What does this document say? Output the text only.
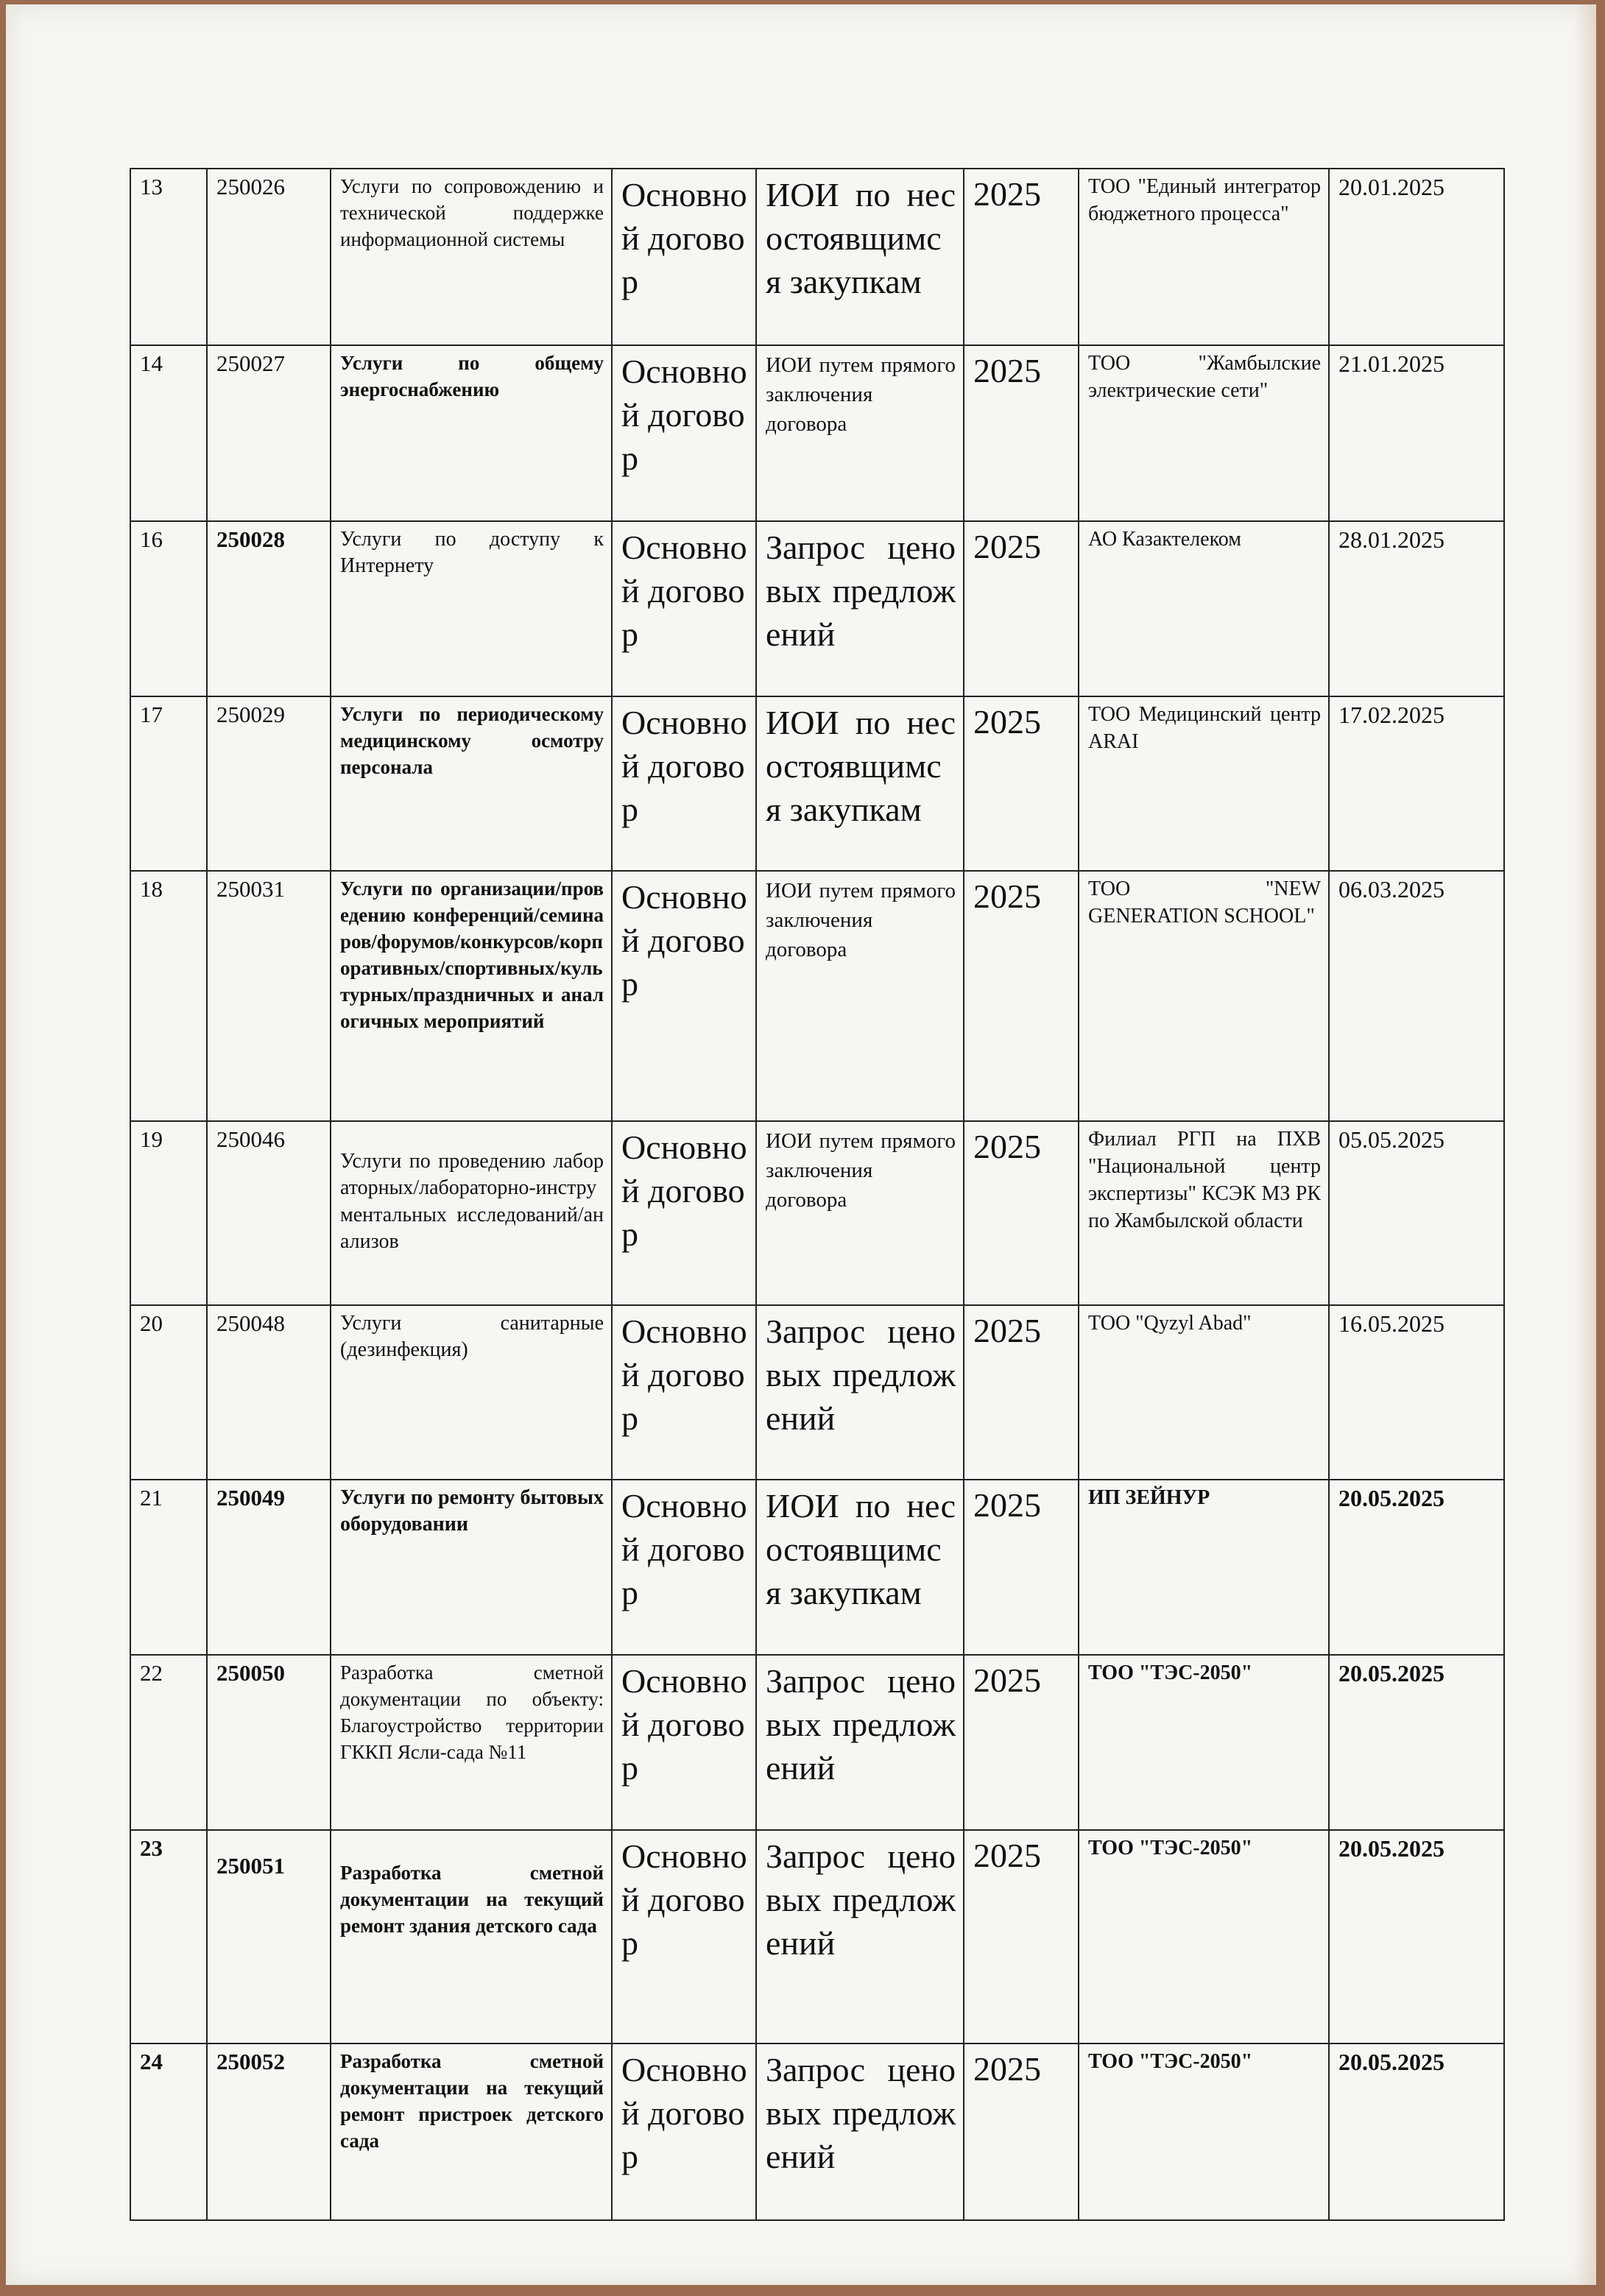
13	250026	Услуги по сопровождению и технической поддержке информационной системы	Основной договор	ИОИ по несостоявщимся закупкам	2025	ТОО "Единый интегратор бюджетного процесса"	20.01.2025
14	250027	Услуги по общему энергоснабжению	Основной договор	ИОИ путем прямого заключения договора	2025	ТОО "Жамбылские электрические сети"	21.01.2025
16	250028	Услуги по доступу к Интернету	Основной договор	Запрос ценовых предложений	2025	АО Казактелеком	28.01.2025
17	250029	Услуги по периодическому медицинскому осмотру персонала	Основной договор	ИОИ по несостоявщимся закупкам	2025	ТОО Медицинский центр ARAI	17.02.2025
18	250031	Услуги по организации/проведению конференций/семинаров/форумов/конкурсов/корпоративных/спортивных/культурных/праздничных и аналогичных мероприятий	Основной договор	ИОИ путем прямого заключения договора	2025	ТОО "NEW GENERATION SCHOOL"	06.03.2025
19	250046	Услуги по проведению лабораторных/лабораторно-инструментальных исследований/анализов	Основной договор	ИОИ путем прямого заключения договора	2025	Филиал РГП на ПХВ "Национальной центр экспертизы" КСЭК МЗ РК по Жамбылской области	05.05.2025
20	250048	Услуги санитарные (дезинфекция)	Основной договор	Запрос ценовых предложений	2025	ТОО "Qyzyl Abad"	16.05.2025
21	250049	Услуги по ремонту бытовых оборудовании	Основной договор	ИОИ по несостоявщимся закупкам	2025	ИП ЗЕЙНУР	20.05.2025
22	250050	Разработка сметной документации по объекту: Благоустройство территории ГККП Ясли-сада №11	Основной договор	Запрос ценовых предложений	2025	ТОО "ТЭС-2050"	20.05.2025
23	250051	Разработка сметной документации на текущий ремонт здания детского сада	Основной договор	Запрос ценовых предложений	2025	ТОО "ТЭС-2050"	20.05.2025
24	250052	Разработка сметной документации на текущий ремонт пристроек детского сада	Основной договор	Запрос ценовых предложений	2025	ТОО "ТЭС-2050"	20.05.2025
